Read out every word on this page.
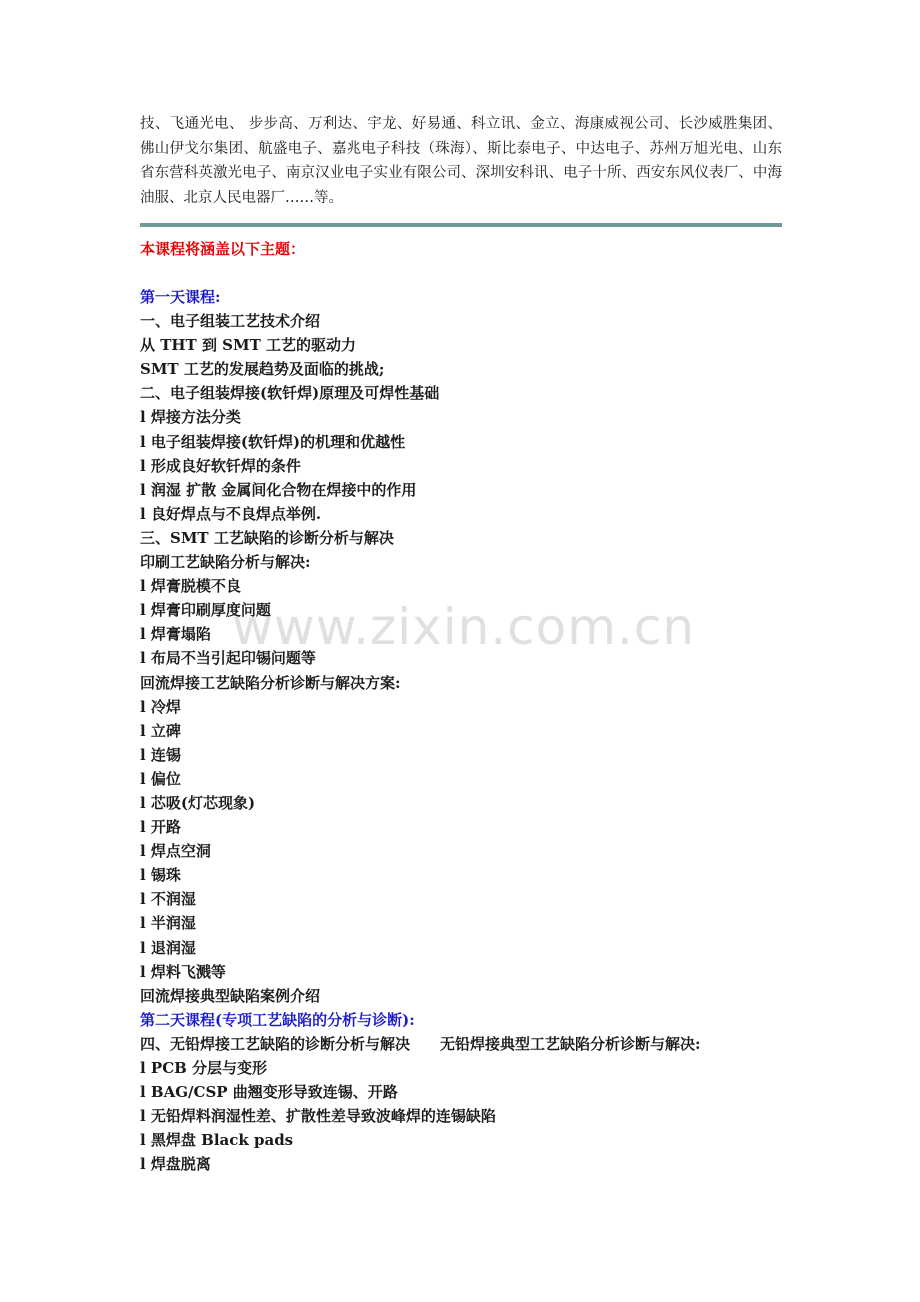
技、飞通光电、 步步高、万利达、宇龙、好易通、科立讯、金立、海康威视公司、长沙威胜集团、佛山伊戈尔集团、航盛电子、嘉兆电子科技（珠海）、斯比泰电子、中达电子、苏州万旭光电、山东省东营科英激光电子、南京汉业电子实业有限公司、深圳安科讯、电子十所、西安东风仪表厂、中海油服、北京人民电器厂……等。

本课程将涵盖以下主题：
第一天课程:
一、电子组装工艺技术介绍
从 THT 到 SMT 工艺的驱动力
SMT 工艺的发展趋势及面临的挑战;
二、电子组装焊接(软钎焊)原理及可焊性基础
l 焊接方法分类
l 电子组装焊接(软钎焊)的机理和优越性
l 形成良好软钎焊的条件
l 润湿 扩散 金属间化合物在焊接中的作用
l 良好焊点与不良焊点举例.
三、SMT 工艺缺陷的诊断分析与解决
印刷工艺缺陷分析与解决:
l 焊膏脱模不良
l 焊膏印刷厚度问题
l 焊膏塌陷
l 布局不当引起印锡问题等
回流焊接工艺缺陷分析诊断与解决方案:
l 冷焊
l 立碑
l 连锡
l 偏位
l 芯吸(灯芯现象)
l 开路
l 焊点空洞
l 锡珠
l 不润湿
l 半润湿
l 退润湿
l 焊料飞溅等
回流焊接典型缺陷案例介绍
第二天课程(专项工艺缺陷的分析与诊断):
四、无铅焊接工艺缺陷的诊断分析与解决 无铅焊接典型工艺缺陷分析诊断与解决:
l PCB 分层与变形
l BAG/CSP 曲翘变形导致连锡、开路
l 无铅焊料润湿性差、扩散性差导致波峰焊的连锡缺陷
l 黑焊盘 Black pads
l 焊盘脱离
www.zixin.com.cn
